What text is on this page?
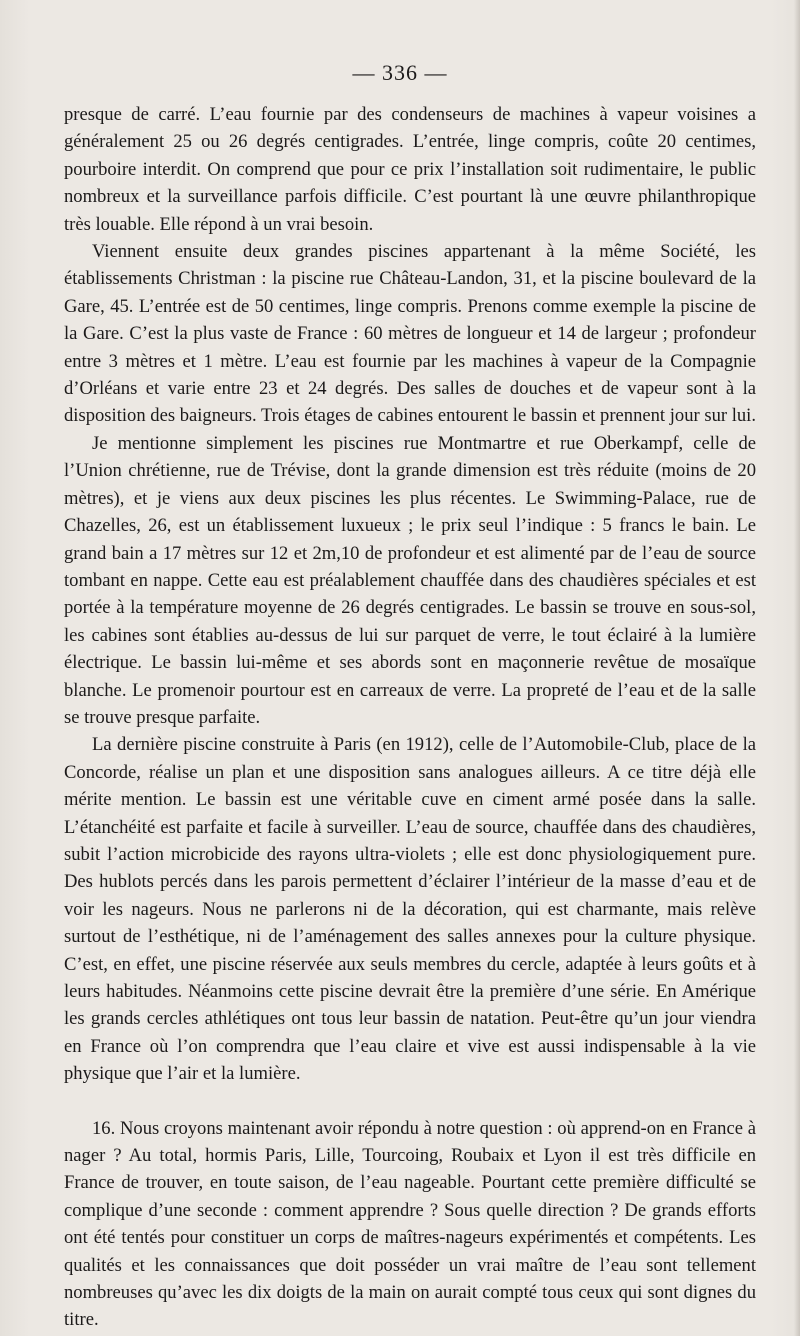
— 336 —

presque de carré. L’eau fournie par des condenseurs de machines à vapeur voisines a généralement 25 ou 26 degrés centigrades. L’entrée, linge compris, coûte 20 centimes, pourboire interdit. On comprend que pour ce prix l’installation soit rudimentaire, le public nombreux et la surveillance parfois difficile. C’est pourtant là une œuvre philanthropique très louable. Elle répond à un vrai besoin.

Viennent ensuite deux grandes piscines appartenant à la même Société, les établissements Christman : la piscine rue Château-Landon, 31, et la piscine boulevard de la Gare, 45. L’entrée est de 50 centimes, linge compris. Prenons comme exemple la piscine de la Gare. C’est la plus vaste de France : 60 mètres de longueur et 14 de largeur ; profondeur entre 3 mètres et 1 mètre. L’eau est fournie par les machines à vapeur de la Compagnie d’Orléans et varie entre 23 et 24 degrés. Des salles de douches et de vapeur sont à la disposition des baigneurs. Trois étages de cabines entourent le bassin et prennent jour sur lui.

Je mentionne simplement les piscines rue Montmartre et rue Oberkampf, celle de l’Union chrétienne, rue de Trévise, dont la grande dimension est très réduite (moins de 20 mètres), et je viens aux deux piscines les plus récentes. Le Swimming-Palace, rue de Chazelles, 26, est un établissement luxueux ; le prix seul l’indique : 5 francs le bain. Le grand bain a 17 mètres sur 12 et 2m,10 de profondeur et est alimenté par de l’eau de source tombant en nappe. Cette eau est préalablement chauffée dans des chaudières spéciales et est portée à la température moyenne de 26 degrés centigrades. Le bassin se trouve en sous-sol, les cabines sont établies au-dessus de lui sur parquet de verre, le tout éclairé à la lumière électrique. Le bassin lui-même et ses abords sont en maçonnerie revêtue de mosaïque blanche. Le promenoir pourtour est en carreaux de verre. La propreté de l’eau et de la salle se trouve presque parfaite.

La dernière piscine construite à Paris (en 1912), celle de l’Automobile-Club, place de la Concorde, réalise un plan et une disposition sans analogues ailleurs. A ce titre déjà elle mérite mention. Le bassin est une véritable cuve en ciment armé posée dans la salle. L’étanchéité est parfaite et facile à surveiller. L’eau de source, chauffée dans des chaudières, subit l’action microbicide des rayons ultra-violets ; elle est donc physiologiquement pure. Des hublots percés dans les parois permettent d’éclairer l’intérieur de la masse d’eau et de voir les nageurs. Nous ne parlerons ni de la décoration, qui est charmante, mais relève surtout de l’esthétique, ni de l’aménagement des salles annexes pour la culture physique. C’est, en effet, une piscine réservée aux seuls membres du cercle, adaptée à leurs goûts et à leurs habitudes. Néanmoins cette piscine devrait être la première d’une série. En Amérique les grands cercles athlétiques ont tous leur bassin de natation. Peut-être qu’un jour viendra en France où l’on comprendra que l’eau claire et vive est aussi indispensable à la vie physique que l’air et la lumière.

16. Nous croyons maintenant avoir répondu à notre question : où apprend-on en France à nager ? Au total, hormis Paris, Lille, Tourcoing, Roubaix et Lyon il est très difficile en France de trouver, en toute saison, de l’eau nageable. Pourtant cette première difficulté se complique d’une seconde : comment apprendre ? Sous quelle direction ? De grands efforts ont été tentés pour constituer un corps de maîtres-nageurs expérimentés et compétents. Les qualités et les connaissances que doit posséder un vrai maître de l’eau sont tellement nombreuses qu’avec les dix doigts de la main on aurait compté tous ceux qui sont dignes du titre.
